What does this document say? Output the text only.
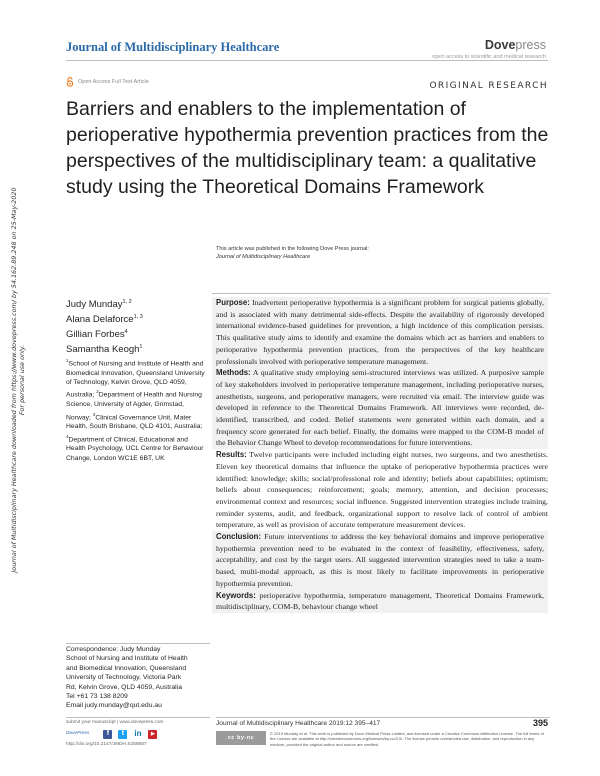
Journal of Multidisciplinary Healthcare downloaded from https://www.dovepress.com/ by 54.162.89.248 on 25-May-2020 For personal use only.
Journal of Multidisciplinary Healthcare	Dovepress
open access to scientific and medical research
Open Access Full Text Article	ORIGINAL RESEARCH
Barriers and enablers to the implementation of perioperative hypothermia prevention practices from the perspectives of the multidisciplinary team: a qualitative study using the Theoretical Domains Framework
This article was published in the following Dove Press journal:
Journal of Multidisciplinary Healthcare
Judy Munday$^{1, 2}$
Alana Delaforce$^{1, 3}$
Gillian Forbes$^4$
Samantha Keogh$^1$
$^1$School of Nursing and Institute of Health and Biomedical Innovation, Queensland University of Technology, Kelvin Grove, QLD 4059, Australia; $^2$Department of Health and Nursing Science, University of Agder, Grimstad, Norway; $^3$Clinical Governance Unit, Mater Health, South Brisbane, QLD 4101, Australia; $^4$Department of Clinical, Educational and Health Psychology, UCL Centre for Behaviour Change, London WC1E 6BT, UK
Correspondence: Judy Munday
School of Nursing and Institute of Health
and Biomedical Innovation, Queensland
University of Technology, Victoria Park
Rd, Kelvin Grove, QLD 4059, Australia
Tel +61 73 138 8209
Email judy.munday@qut.edu.au

Purpose: Inadvertent perioperative hypothermia is a significant problem for surgical patients globally, and is associated with many detrimental side-effects. Despite the availability of rigorously developed international evidence-based guidelines for prevention, a high incidence of this complication persists. This qualitative study aims to identify and examine the domains which act as barriers and enablers to perioperative hypothermia prevention practices, from the perspectives of the key healthcare professionals involved with perioperative temperature management.

Methods: A qualitative study employing semi-structured interviews was utilized. A purposive sample of key stakeholders involved in perioperative temperature management, including perioperative nurses, anesthetists, surgeons, and perioperative managers, were recruited via email. The interview guide was developed in reference to the Theoretical Domains Framework. All interviews were recorded, de-identified, transcribed, and coded. Belief statements were generated within each domain, and a frequency score generated for each belief. Finally, the domains were mapped to the COM-B model of the Behavior Change Wheel to develop recommendations for future interventions.

Results: Twelve participants were included including eight nurses, two surgeons, and two anesthetists. Eleven key theoretical domains that influence the uptake of perioperative hypothermia practices were identified: knowledge; skills; social/professional role and identity; beliefs about capabilities; optimism; beliefs about consequences; reinforcement; goals; memory, attention, and decision processes; environmental context and resources; social influence. Suggested intervention strategies include training, reminder systems, audit, and feedback, organizational support to resolve lack of control of ambient temperature, as well as provision of accurate temperature measurement devices.

Conclusion: Future interventions to address the key behavioral domains and improve perioperative hypothermia prevention need to be evaluated in the context of feasibility, effectiveness, safety, acceptability, and cost by the target users. All suggested intervention strategies need to take a team-based, multi-modal approach, as this is most likely to facilitate improvements in perioperative hypothermia prevention.

Keywords: perioperative hypothermia, temperature management, Theoretical Domains Framework, multidisciplinary, COM-B, behaviour change wheel

submit your manuscript | www.dovepress.com
DovePress	f	t	in	▶
http://doi.org/10.2147/JMDH.S258887
Journal of Multidisciplinary Healthcare 2019:12 395–417	395
cc by-nc
© 2019 Munday et al. This work is published by Dove Medical Press Limited, and licensed under a Creative Commons Attribution License. The full terms of the License are available at http://creativecommons.org/licenses/by-nc/3.0/. The license permits unrestricted use, distribution, and reproduction in any medium, provided the original author and source are credited.
